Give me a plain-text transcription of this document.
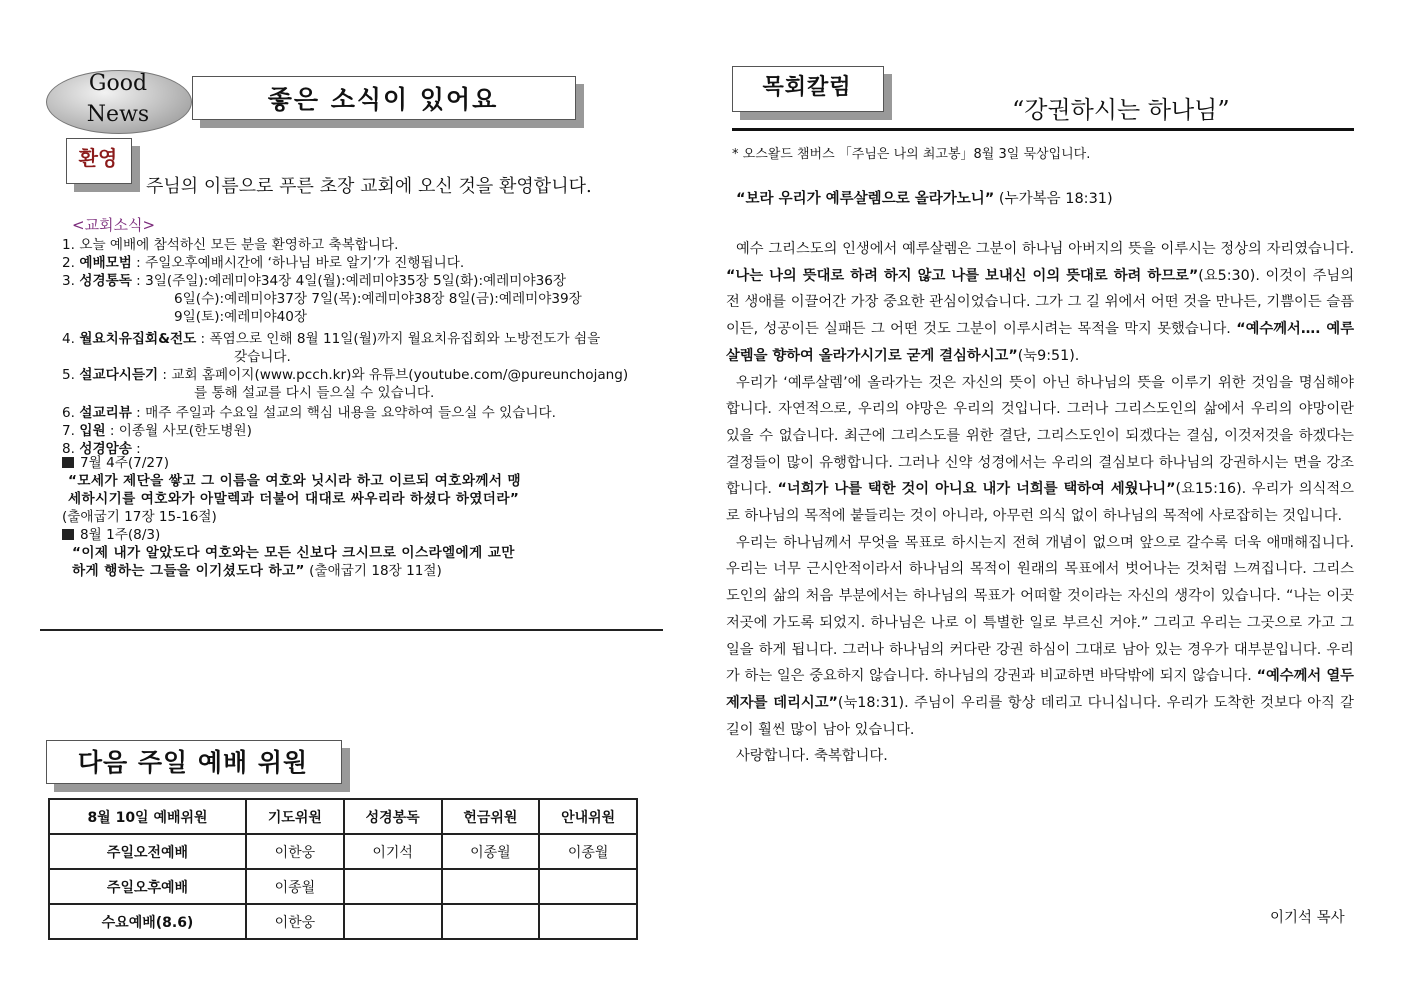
Good
News
좋은 소식이 있어요
환영
주님의 이름으로 푸른 초장 교회에 오신 것을 환영합니다.
<교회소식>
1. 오늘 예배에 참석하신 모든 분을 환영하고 축복합니다.
2. 예배모범 : 주일오후예배시간에 ‘하나님 바로 알기’가 진행됩니다.
3. 성경통독 : 3일(주일):예레미야34장 4일(월):예레미야35장 5일(화):예레미야36장
6일(수):예레미야37장 7일(목):예레미야38장 8일(금):예레미야39장
9일(토):예레미야40장
4. 월요치유집회&전도 : 폭염으로 인해 8월 11일(월)까지 월요치유집회와 노방전도가 쉼을
갖습니다.
5. 설교다시듣기 : 교회 홈페이지(www.pcch.kr)와 유튜브(youtube.com/@pureunchojang)
를 통해 설교를 다시 들으실 수 있습니다.
6. 설교리뷰 : 매주 주일과 수요일 설교의 핵심 내용을 요약하여 들으실 수 있습니다.
7. 입원 : 이종월 사모(한도병원)
8. 성경암송 :
7월 4주(7/27)
“모세가 제단을 쌓고 그 이름을 여호와 닛시라 하고 이르되 여호와께서 맹
세하시기를 여호와가 아말렉과 더불어 대대로 싸우리라 하셨다 하였더라”
(출애굽기 17장 15-16절)
8월 1주(8/3)
“이제 내가 알았도다 여호와는 모든 신보다 크시므로 이스라엘에게 교만
하게 행하는 그들을 이기셨도다 하고” (출애굽기 18장 11절)
다음 주일 예배 위원
8월 10일 예배위원	기도위원	성경봉독	헌금위원	안내위원
주일오전예배	이한웅	이기석	이종월	이종월
주일오후예배	이종월			
수요예배(8.6)	이한웅			
목회칼럼
“강권하시는 하나님”
* 오스왈드 챔버스 「주님은 나의 최고봉」8월 3일 묵상입니다.
“보라 우리가 예루살렘으로 올라가노니” (누가복음 18:31)

예수 그리스도의 인생에서 예루살렘은 그분이 하나님 아버지의 뜻을 이루시는 정상의 자리였습니다. “나는 나의 뜻대로 하려 하지 않고 나를 보내신 이의 뜻대로 하려 하므로”(요5:30). 이것이 주님의 전 생애를 이끌어간 가장 중요한 관심이었습니다. 그가 그 길 위에서 어떤 것을 만나든, 기쁨이든 슬픔이든, 성공이든 실패든 그 어떤 것도 그분이 이루시려는 목적을 막지 못했습니다. “예수께서…. 예루살렘을 향하여 올라가시기로 굳게 결심하시고”(눅9:51).

우리가 ‘예루살렘’에 올라가는 것은 자신의 뜻이 아닌 하나님의 뜻을 이루기 위한 것임을 명심해야 합니다. 자연적으로, 우리의 야망은 우리의 것입니다. 그러나 그리스도인의 삶에서 우리의 야망이란 있을 수 없습니다. 최근에 그리스도를 위한 결단, 그리스도인이 되겠다는 결심, 이것저것을 하겠다는 결정들이 많이 유행합니다. 그러나 신약 성경에서는 우리의 결심보다 하나님의 강권하시는 면을 강조합니다. “너희가 나를 택한 것이 아니요 내가 너희를 택하여 세웠나니”(요15:16). 우리가 의식적으로 하나님의 목적에 붙들리는 것이 아니라, 아무런 의식 없이 하나님의 목적에 사로잡히는 것입니다.

우리는 하나님께서 무엇을 목표로 하시는지 전혀 개념이 없으며 앞으로 갈수록 더욱 애매해집니다. 우리는 너무 근시안적이라서 하나님의 목적이 원래의 목표에서 벗어나는 것처럼 느껴집니다. 그리스도인의 삶의 처음 부분에서는 하나님의 목표가 어떠할 것이라는 자신의 생각이 있습니다. “나는 이곳저곳에 가도록 되었지. 하나님은 나로 이 특별한 일로 부르신 거야.” 그리고 우리는 그곳으로 가고 그 일을 하게 됩니다. 그러나 하나님의 커다란 강권 하심이 그대로 남아 있는 경우가 대부분입니다. 우리가 하는 일은 중요하지 않습니다. 하나님의 강권과 비교하면 바닥밖에 되지 않습니다. “예수께서 열두 제자를 데리시고”(눅18:31). 주님이 우리를 항상 데리고 다니십니다. 우리가 도착한 것보다 아직 갈 길이 훨씬 많이 남아 있습니다.

사랑합니다. 축복합니다.

이기석 목사
